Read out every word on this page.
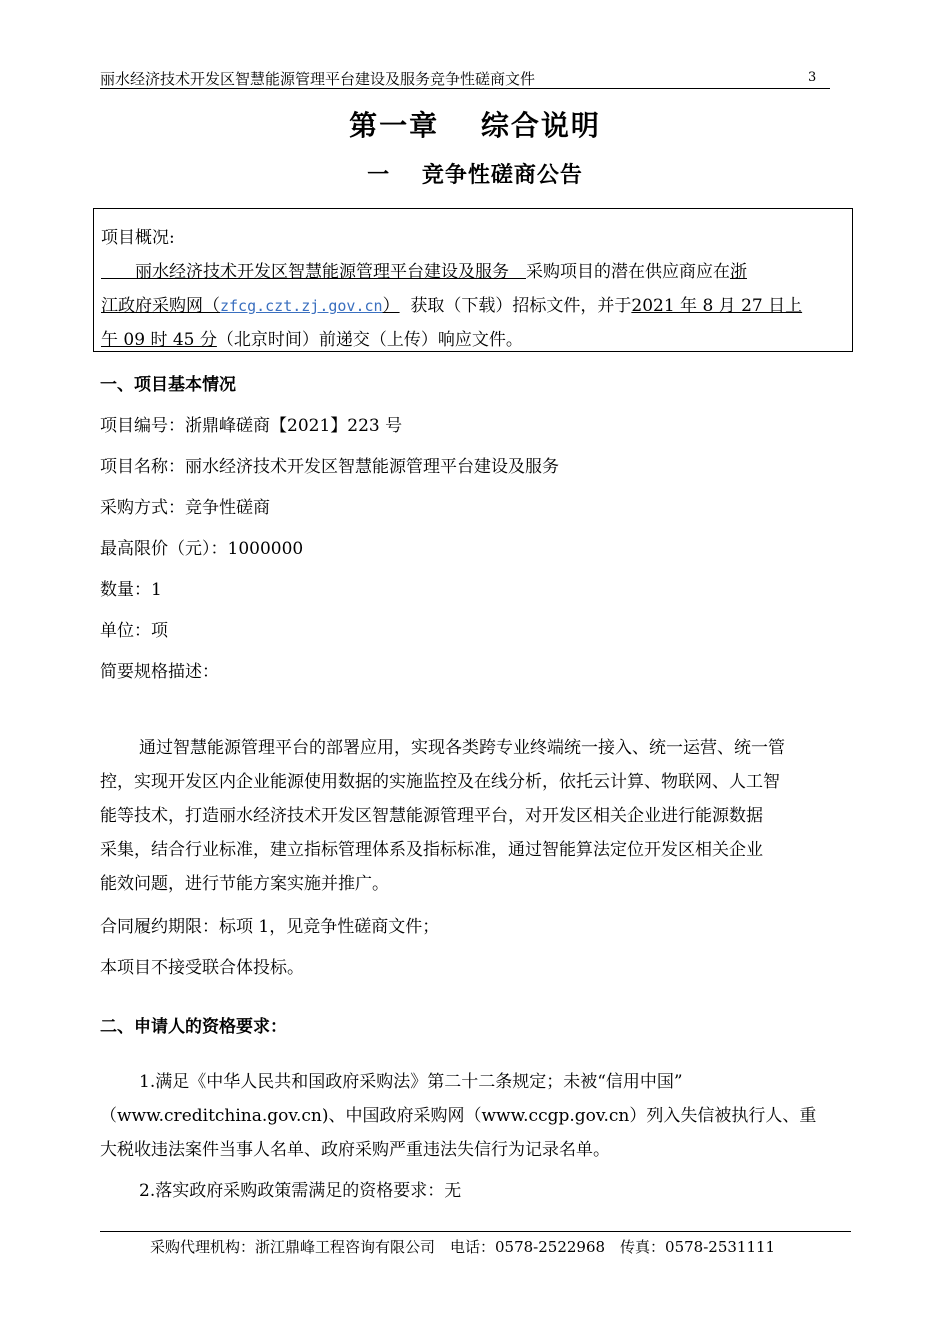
丽水经济技术开发区智慧能源管理平台建设及服务竞争性磋商文件	3
第一章　 综合说明
一　 竞争性磋商公告
项目概况:
　　丽水经济技术开发区智慧能源管理平台建设及服务　 采购项目的潜在供应商应在浙
江政府采购网（zfcg.czt.zj.gov.cn） 获取（下载）招标文件，并于2021 年 8 月 27 日上
午 09 时 45 分（北京时间）前递交（上传）响应文件。
一、项目基本情况
项目编号：浙鼎峰磋商【2021】223 号
项目名称：丽水经济技术开发区智慧能源管理平台建设及服务
采购方式：竞争性磋商
最高限价（元）：1000000
数量：1
单位：项
简要规格描述：
通过智慧能源管理平台的部署应用，实现各类跨专业终端统一接入、统一运营、统一管
控，实现开发区内企业能源使用数据的实施监控及在线分析，依托云计算、物联网、人工智
能等技术，打造丽水经济技术开发区智慧能源管理平台，对开发区相关企业进行能源数据
采集，结合行业标准，建立指标管理体系及指标标准，通过智能算法定位开发区相关企业
能效问题，进行节能方案实施并推广。
合同履约期限：标项 1，见竞争性磋商文件；
本项目不接受联合体投标。
二、申请人的资格要求：
1.满足《中华人民共和国政府采购法》第二十二条规定；未被“信用中国”
（www.creditchina.gov.cn)、中国政府采购网（www.ccgp.gov.cn）列入失信被执行人、重
大税收违法案件当事人名单、政府采购严重违法失信行为记录名单。
2.落实政府采购政策需满足的资格要求：无
采购代理机构：浙江鼎峰工程咨询有限公司　电话：0578-2522968　传真：0578-2531111
